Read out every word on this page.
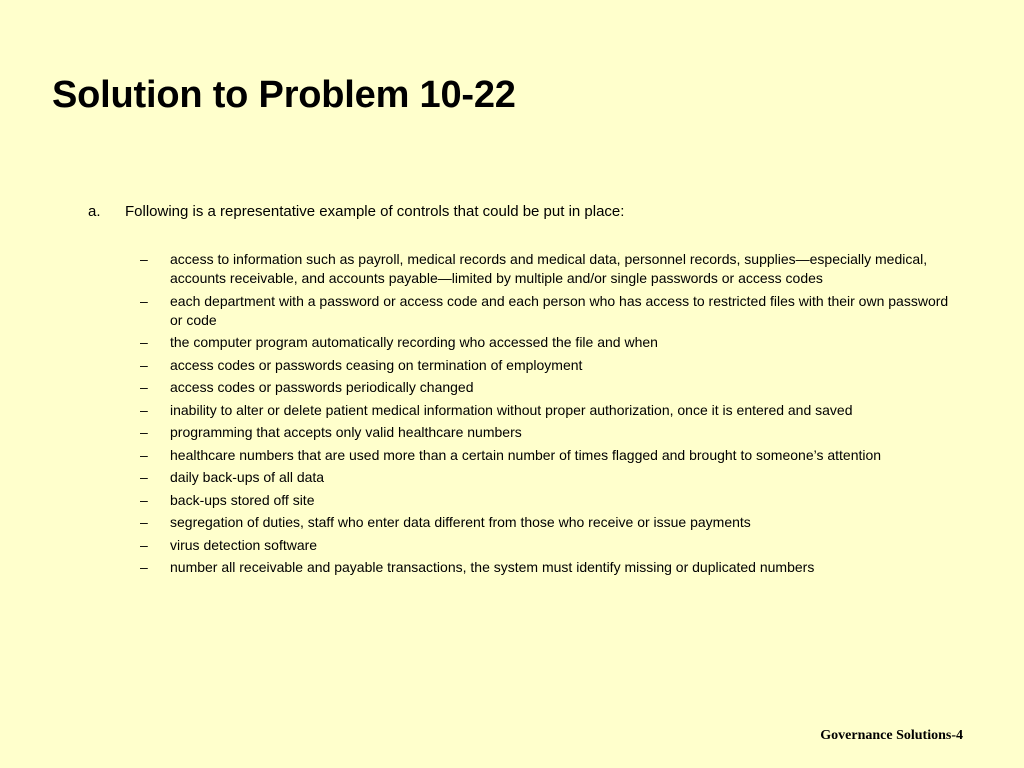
Solution to Problem 10-22
a. Following is a representative example of controls that could be put in place:
– access to information such as payroll, medical records and medical data, personnel records, supplies—especially medical, accounts receivable, and accounts payable—limited by multiple and/or single passwords or access codes
– each department with a password or access code and each person who has access to restricted files with their own password or code
– the computer program automatically recording who accessed the file and when
– access codes or passwords ceasing on termination of employment
– access codes or passwords periodically changed
– inability to alter or delete patient medical information without proper authorization, once it is entered and saved
– programming that accepts only valid healthcare numbers
– healthcare numbers that are used more than a certain number of times flagged and brought to someone’s attention
– daily back-ups of all data
– back-ups stored off site
– segregation of duties, staff who enter data different from those who receive or issue payments
– virus detection software
– number all receivable and payable transactions, the system must identify missing or duplicated numbers
Governance Solutions-4
